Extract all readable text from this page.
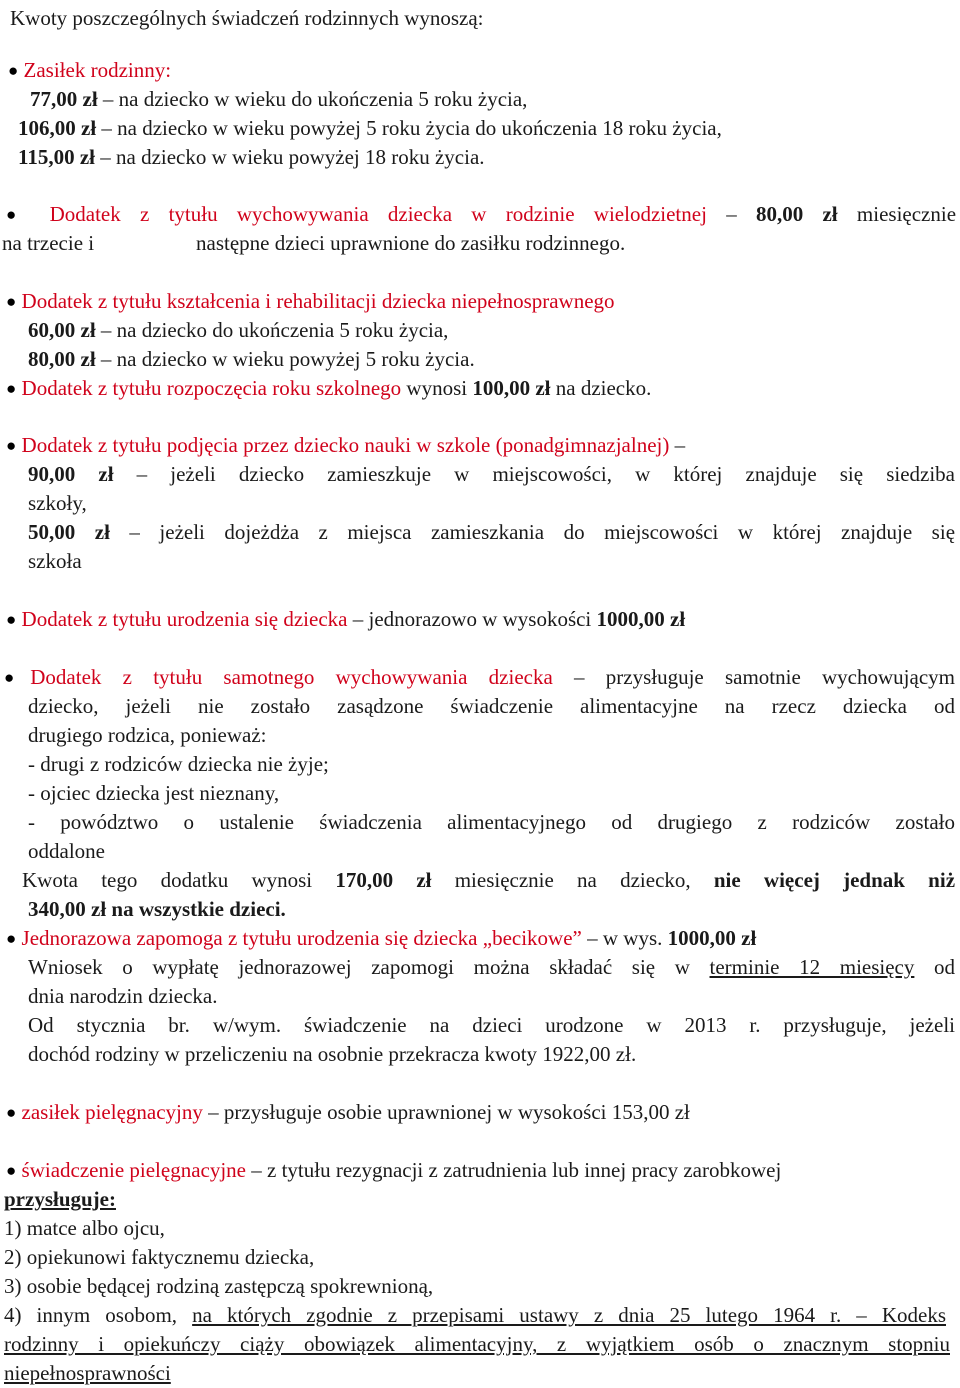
Kwoty poszczególnych świadczeń rodzinnych wynoszą:
● Zasiłek rodzinny:
77,00 zł – na dziecko w wieku do ukończenia 5 roku życia,
106,00 zł – na dziecko w wieku powyżej 5 roku życia do ukończenia 18 roku życia,
115,00 zł – na dziecko w wieku powyżej 18 roku życia.
● Dodatek z tytułu wychowywania dziecka w rodzinie wielodzietnej – 80,00 zł miesięcznie
na trzecie i	następne dzieci uprawnione do zasiłku rodzinnego.
● Dodatek z tytułu kształcenia i rehabilitacji dziecka niepełnosprawnego
60,00 zł – na dziecko do ukończenia 5 roku życia,
80,00 zł – na dziecko w wieku powyżej 5 roku życia.
● Dodatek z tytułu rozpoczęcia roku szkolnego wynosi 100,00 zł na dziecko.
● Dodatek z tytułu podjęcia przez dziecko nauki w szkole (ponadgimnazjalnej) –
90,00 zł – jeżeli dziecko zamieszkuje w miejscowości, w której znajduje się siedziba
szkoły,
50,00 zł – jeżeli dojeżdża z miejsca zamieszkania do miejscowości w której znajduje się
szkoła
● Dodatek z tytułu urodzenia się dziecka – jednorazowo w wysokości 1000,00 zł
●Dodatek z tytułu samotnego wychowywania dziecka – przysługuje samotnie wychowującym
dziecko, jeżeli nie zostało zasądzone świadczenie alimentacyjne na rzecz dziecka od
drugiego rodzica, ponieważ:
- drugi z rodziców dziecka nie żyje;
- ojciec dziecka jest nieznany,
- powództwo o ustalenie świadczenia alimentacyjnego od drugiego z rodziców zostało
oddalone
Kwota tego dodatku wynosi 170,00 zł miesięcznie na dziecko, nie więcej jednak niż
340,00 zł na wszystkie dzieci.
● Jednorazowa zapomoga z tytułu urodzenia się dziecka „becikowe” – w wys. 1000,00 zł
Wniosek o wypłatę jednorazowej zapomogi można składać się w terminie 12 miesięcy od
dnia narodzin dziecka.
Od stycznia br. w/wym. świadczenie na dzieci urodzone w 2013 r. przysługuje, jeżeli
dochód rodziny w przeliczeniu na osobnie przekracza kwoty 1922,00 zł.
● zasiłek pielęgnacyjny – przysługuje osobie uprawnionej w wysokości 153,00 zł
● świadczenie pielęgnacyjne – z tytułu rezygnacji z zatrudnienia lub innej pracy zarobkowej
przysługuje:
1) matce albo ojcu,
2) opiekunowi faktycznemu dziecka,
3) osobie będącej rodziną zastępczą spokrewnioną,
4) innym osobom, na których zgodnie z przepisami ustawy z dnia 25 lutego 1964 r. – Kodeks
rodzinny i opiekuńczy ciąży obowiązek alimentacyjny, z wyjątkiem osób o znacznym stopniu
niepełnosprawności
